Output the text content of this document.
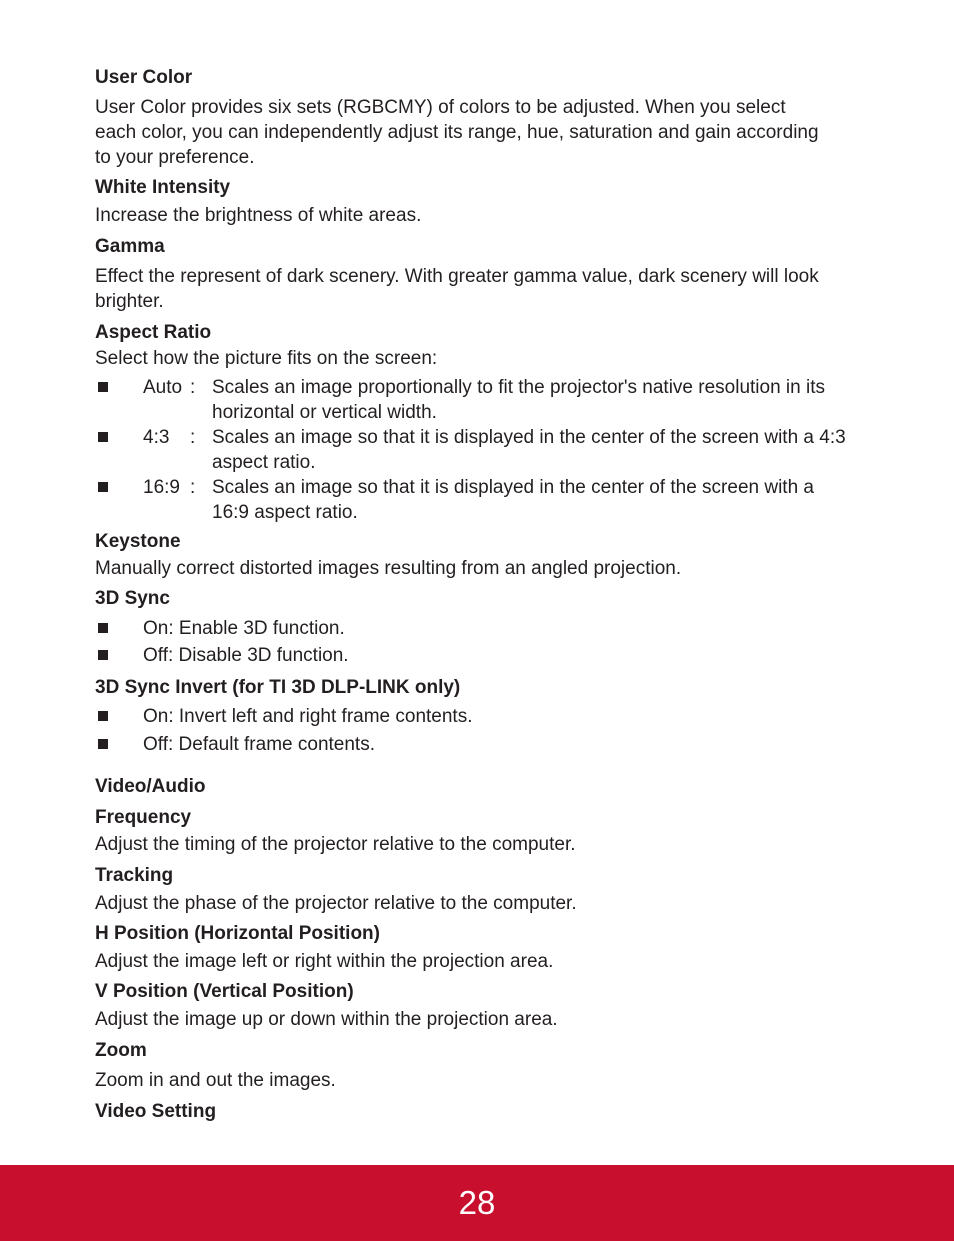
User Color
User Color provides six sets (RGBCMY) of colors to be adjusted. When you select
each color, you can independently adjust its range, hue, saturation and gain according
to your preference.
White Intensity
Increase the brightness of white areas.
Gamma
Effect the represent of dark scenery. With greater gamma value, dark scenery will look
brighter.
Aspect Ratio
Select how the picture fits on the screen:
Auto : Scales an image proportionally to fit the projector's native resolution in its horizontal or vertical width.
4:3 : Scales an image so that it is displayed in the center of the screen with a 4:3 aspect ratio.
16:9 : Scales an image so that it is displayed in the center of the screen with a 16:9 aspect ratio.
Keystone
Manually correct distorted images resulting from an angled projection.
3D Sync
On: Enable 3D function.
Off: Disable 3D function.
3D Sync Invert (for TI 3D DLP-LINK only)
On: Invert left and right frame contents.
Off: Default frame contents.
Video/Audio
Frequency
Adjust the timing of the projector relative to the computer.
Tracking
Adjust the phase of the projector relative to the computer.
H Position (Horizontal Position)
Adjust the image left or right within the projection area.
V Position (Vertical Position)
Adjust the image up or down within the projection area.
Zoom
Zoom in and out the images.
Video Setting
28
